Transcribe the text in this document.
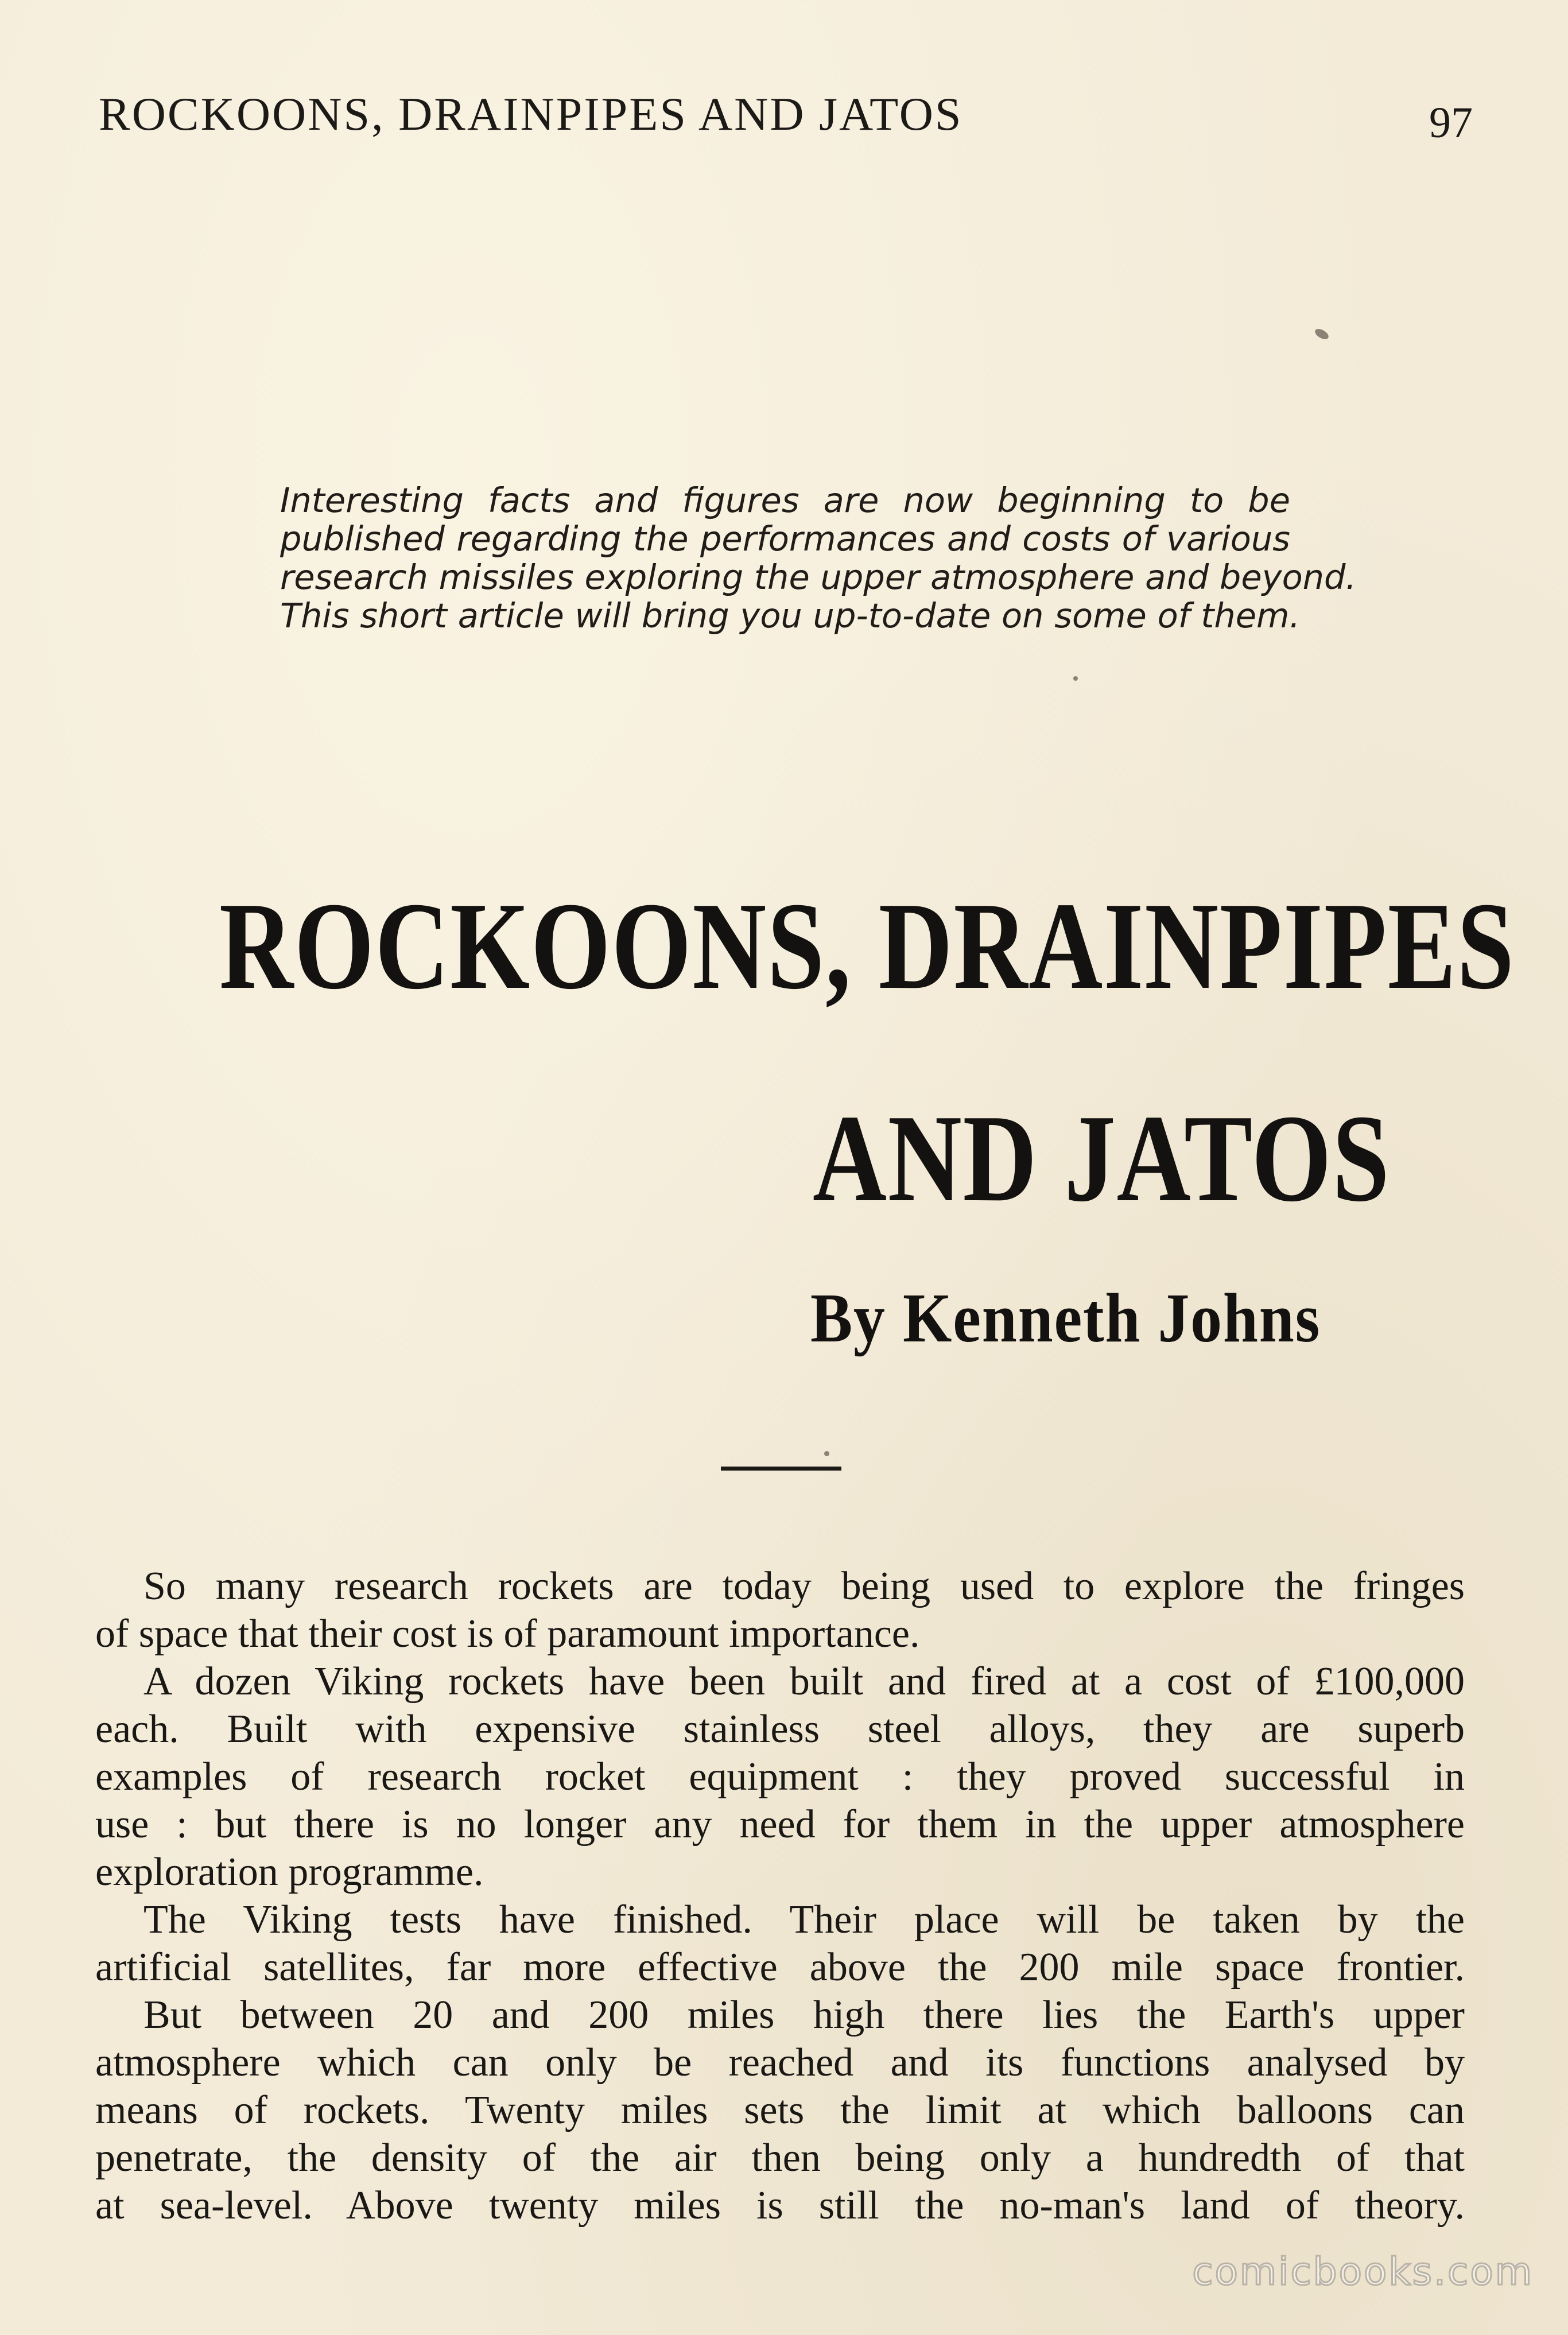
ROCKOONS, DRAINPIPES AND JATOS	97
Interesting facts and figures are now beginning to be
published regarding the performances and costs of various
research missiles exploring the upper atmosphere and beyond.
This short article will bring you up-to-date on some of them.
ROCKOONS, DRAINPIPES
AND JATOS
By Kenneth Johns
So many research rockets are today being used to explore the fringes
of space that their cost is of paramount importance.
A dozen Viking rockets have been built and fired at a cost of £100,000
each. Built with expensive stainless steel alloys, they are superb
examples of research rocket equipment : they proved successful in
use : but there is no longer any need for them in the upper atmosphere
exploration programme.
The Viking tests have finished. Their place will be taken by the
artificial satellites, far more effective above the 200 mile space frontier.
But between 20 and 200 miles high there lies the Earth's upper
atmosphere which can only be reached and its functions analysed by
means of rockets. Twenty miles sets the limit at which balloons can
penetrate, the density of the air then being only a hundredth of that
at sea-level. Above twenty miles is still the no-man's land of theory.
comicbooks.com
